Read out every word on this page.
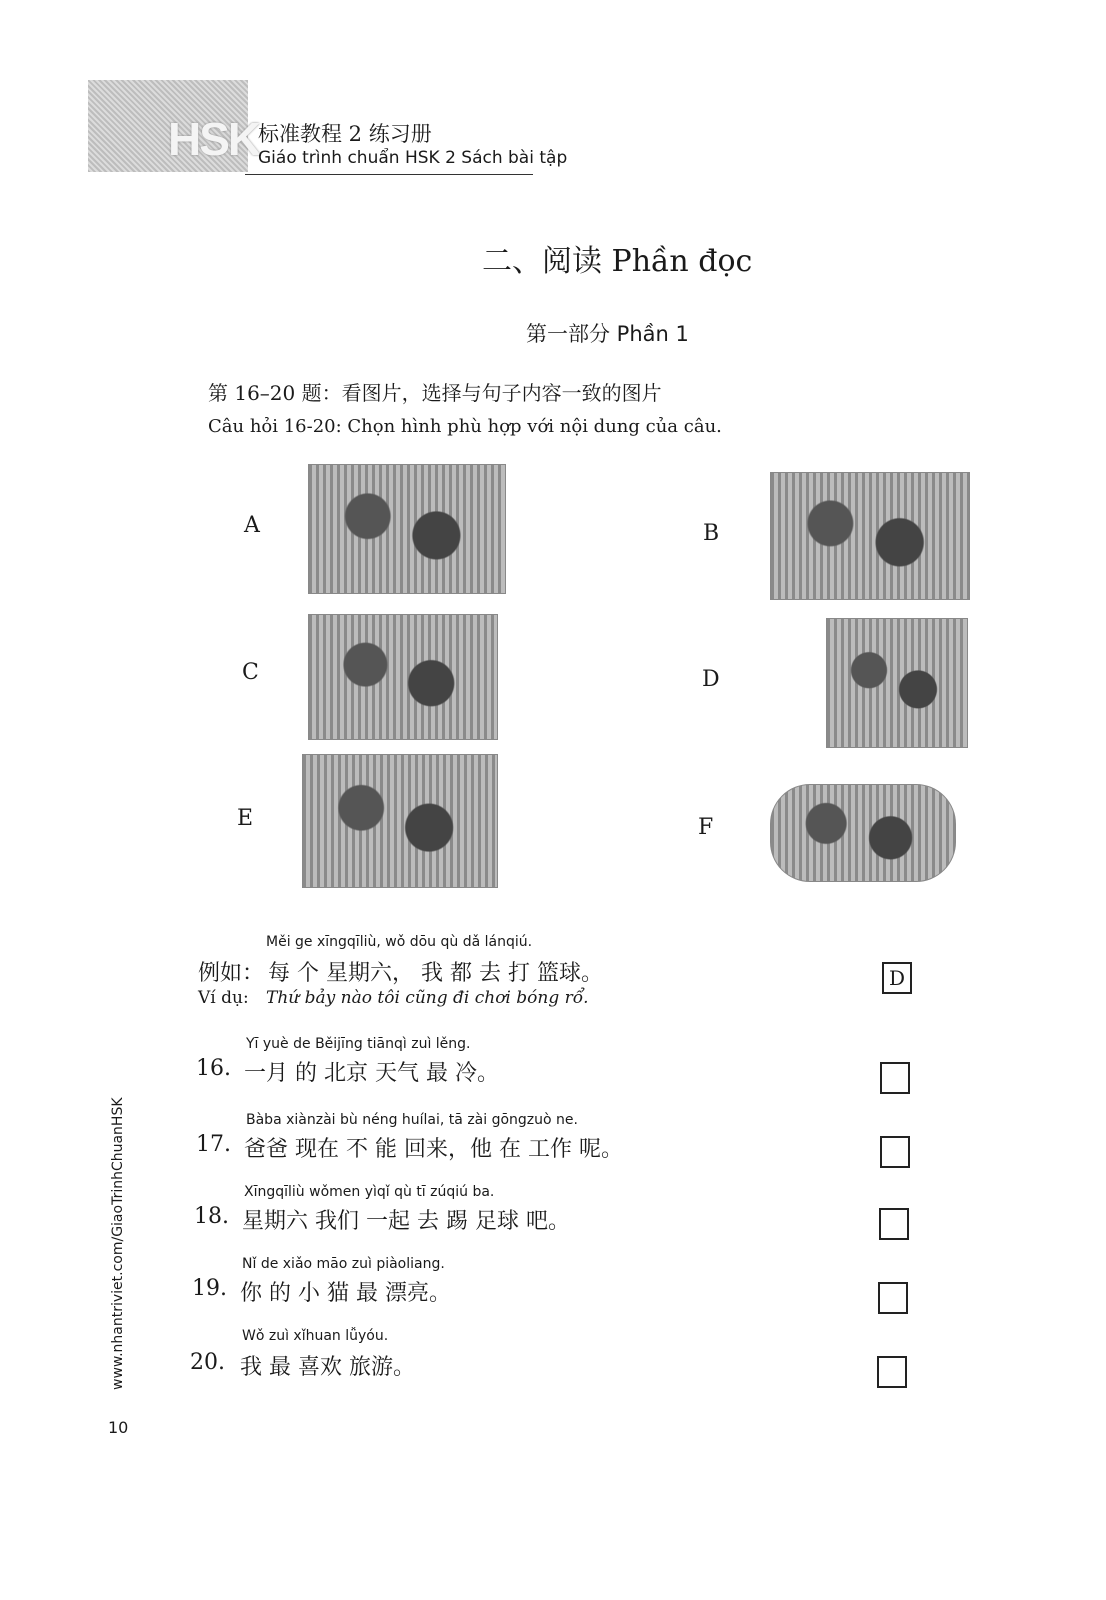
HSK
标准教程 2 练习册
Giáo trình chuẩn HSK 2 Sách bài tập
二、阅读 Phần đọc
第一部分 Phần 1
第 16–20 题：看图片，选择与句子内容一致的图片
Câu hỏi 16-20: Chọn hình phù hợp với nội dung của câu.
A	B
C	D
E	F
Měi ge xīngqīliù, wǒ dōu qù dǎ lánqiú.
例如： 每 个 星期六， 我 都 去 打 篮球。
Ví dụ: Thứ bảy nào tôi cũng đi chơi bóng rổ.
D
Yī yuè de Běijīng tiānqì zuì lěng.
16. 一月 的 北京 天气 最 冷。
Bàba xiànzài bù néng huílai, tā zài gōngzuò ne.
17. 爸爸 现在 不 能 回来，他 在 工作 呢。
Xīngqīliù wǒmen yìqǐ qù tī zúqiú ba.
18. 星期六 我们 一起 去 踢 足球 吧。
Nǐ de xiǎo māo zuì piàoliang.
19. 你 的 小 猫 最 漂亮。
Wǒ zuì xǐhuan lǚyóu.
20. 我 最 喜欢 旅游。
www.nhantriviet.com/GiaoTrinhChuanHSK
10
